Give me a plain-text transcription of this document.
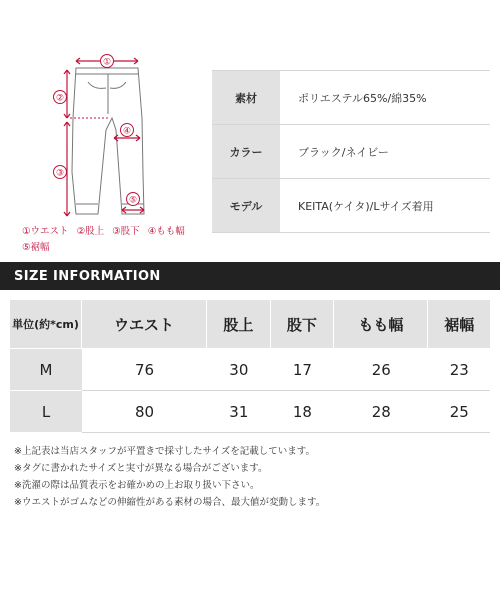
①
②
③
④
⑤
①ウエスト ②股上 ③股下 ④もも幅
⑤裾幅
素材	ポリエステル65%/綿35%
カラー	ブラック/ネイビー
モデル	KEITA(ケイタ)/Lサイズ着用
SIZE INFORMATION
単位(約*cm)	ウエスト	股上	股下	もも幅	裾幅

M	76	30	17	26	23
L	80	31	18	28	25
※上記表は当店スタッフが平置きで採寸したサイズを記載しています。
※タグに書かれたサイズと実寸が異なる場合がございます。
※洗濯の際は品質表示をお確かめの上お取り扱い下さい。
※ウエストがゴムなどの伸縮性がある素材の場合、最大値が変動します。
